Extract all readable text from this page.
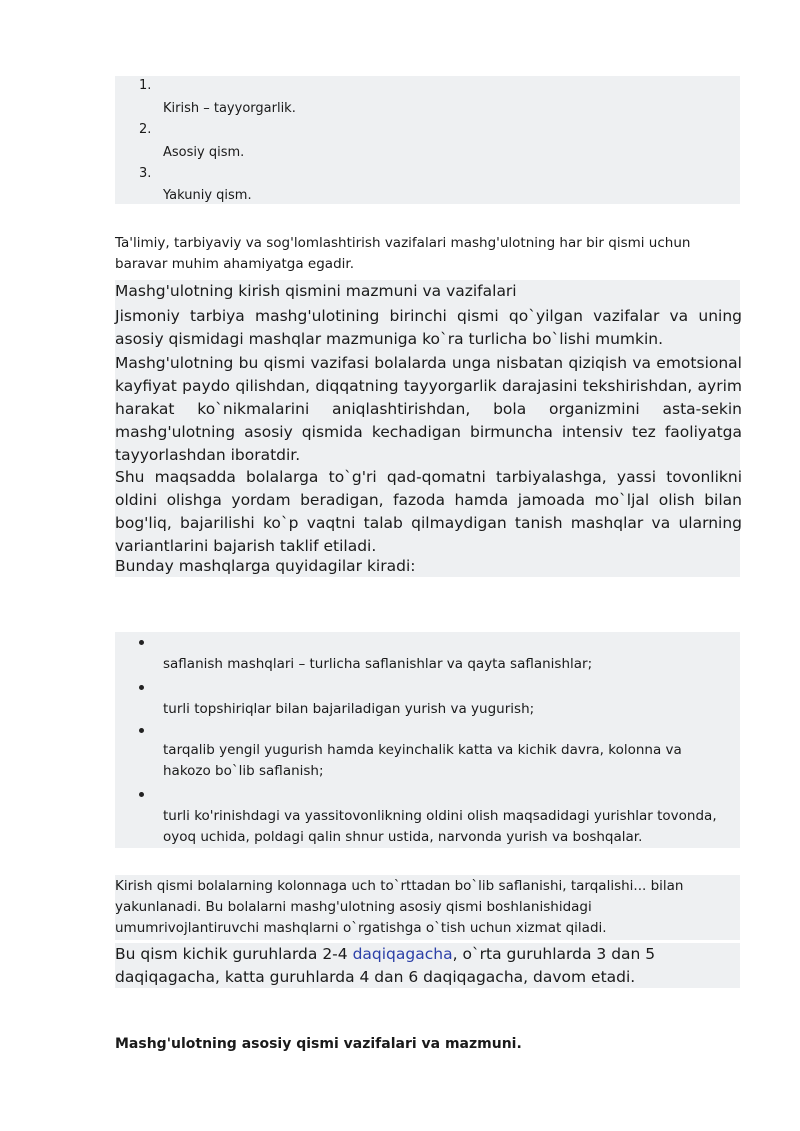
1.
Kirish – tayyorgarlik.
2.
Asosiy qism.
3.
Yakuniy qism.
Ta'limiy, tarbiyaviy va sog'lomlashtirish vazifalari mashg'ulotning har bir qismi uchun baravar muhim ahamiyatga egadir.
Mashg'ulotning kirish qismini mazmuni va vazifalari
Jismoniy tarbiya mashg'ulotining birinchi qismi qo`yilgan vazifalar va uning asosiy qismidagi mashqlar mazmuniga ko`ra turlicha bo`lishi mumkin.
Mashg'ulotning bu qismi vazifasi bolalarda unga nisbatan qiziqish va emotsional kayfiyat paydo qilishdan, diqqatning tayyorgarlik darajasini tekshirishdan, ayrim harakat ko`nikmalarini aniqlashtirishdan, bola organizmini asta-sekin mashg'ulotning asosiy qismida kechadigan birmuncha intensiv tez faoliyatga tayyorlashdan iboratdir.
Shu maqsadda bolalarga to`g'ri qad-qomatni tarbiyalashga, yassi tovonlikni oldini olishga yordam beradigan, fazoda hamda jamoada mo`ljal olish bilan bog'liq, bajarilishi ko`p vaqtni talab qilmaydigan tanish mashqlar va ularning variantlarini bajarish taklif etiladi.
Bunday mashqlarga quyidagilar kiradi:
saflanish mashqlari – turlicha saflanishlar va qayta saflanishlar;
turli topshiriqlar bilan bajariladigan yurish va yugurish;
tarqalib yengil yugurish hamda keyinchalik katta va kichik davra, kolonna va hakozo bo`lib saflanish;
turli ko'rinishdagi va yassitovonlikning oldini olish maqsadidagi yurishlar tovonda, oyoq uchida, poldagi qalin shnur ustida, narvonda yurish va boshqalar.
Kirish qismi bolalarning kolonnaga uch to`rttadan bo`lib saflanishi, tarqalishi... bilan yakunlanadi. Bu bolalarni mashg'ulotning asosiy qismi boshlanishidagi umumrivojlantiruvchi mashqlarni o`rgatishga o`tish uchun xizmat qiladi.
Bu qism kichik guruhlarda 2-4 daqiqagacha, o`rta guruhlarda 3 dan 5 daqiqagacha, katta guruhlarda 4 dan 6 daqiqagacha, davom etadi.
Mashg'ulotning asosiy qismi vazifalari va mazmuni.
